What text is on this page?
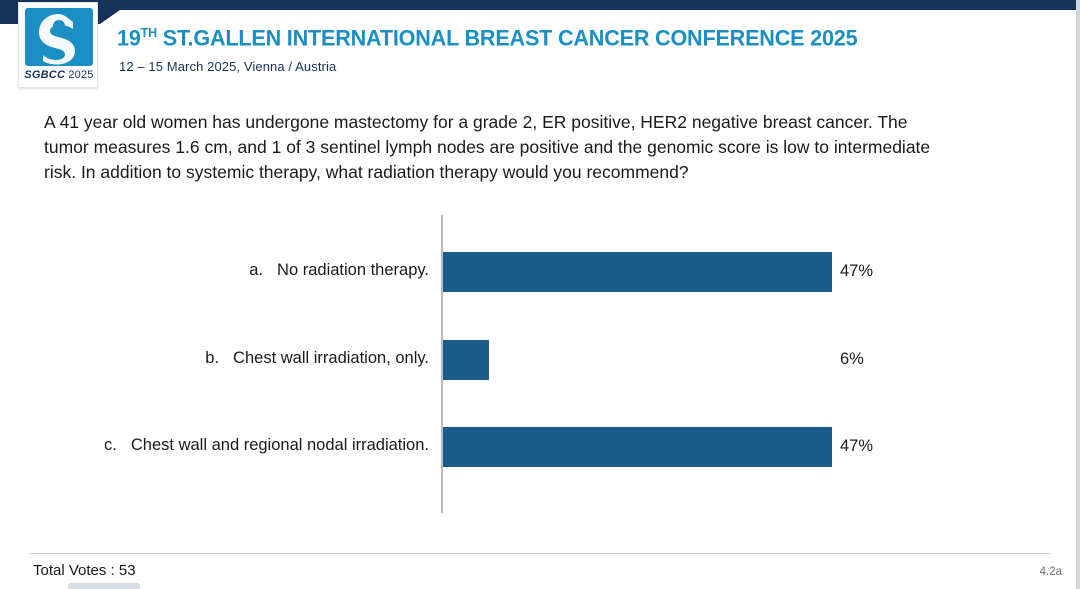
SGBCC 2025
19TH ST.GALLEN INTERNATIONAL BREAST CANCER CONFERENCE 2025
12 – 15 March 2025, Vienna / Austria
A 41 year old women has undergone mastectomy for a grade 2, ER positive, HER2 negative breast cancer. The tumor measures 1.6 cm, and 1 of 3 sentinel lymph nodes are positive and the genomic score is low to intermediate risk. In addition to systemic therapy, what radiation therapy would you recommend?
a. No radiation therapy.	47%
b. Chest wall irradiation, only.	6%
c. Chest wall and regional nodal irradiation.	47%
Total Votes : 53	4.2a
